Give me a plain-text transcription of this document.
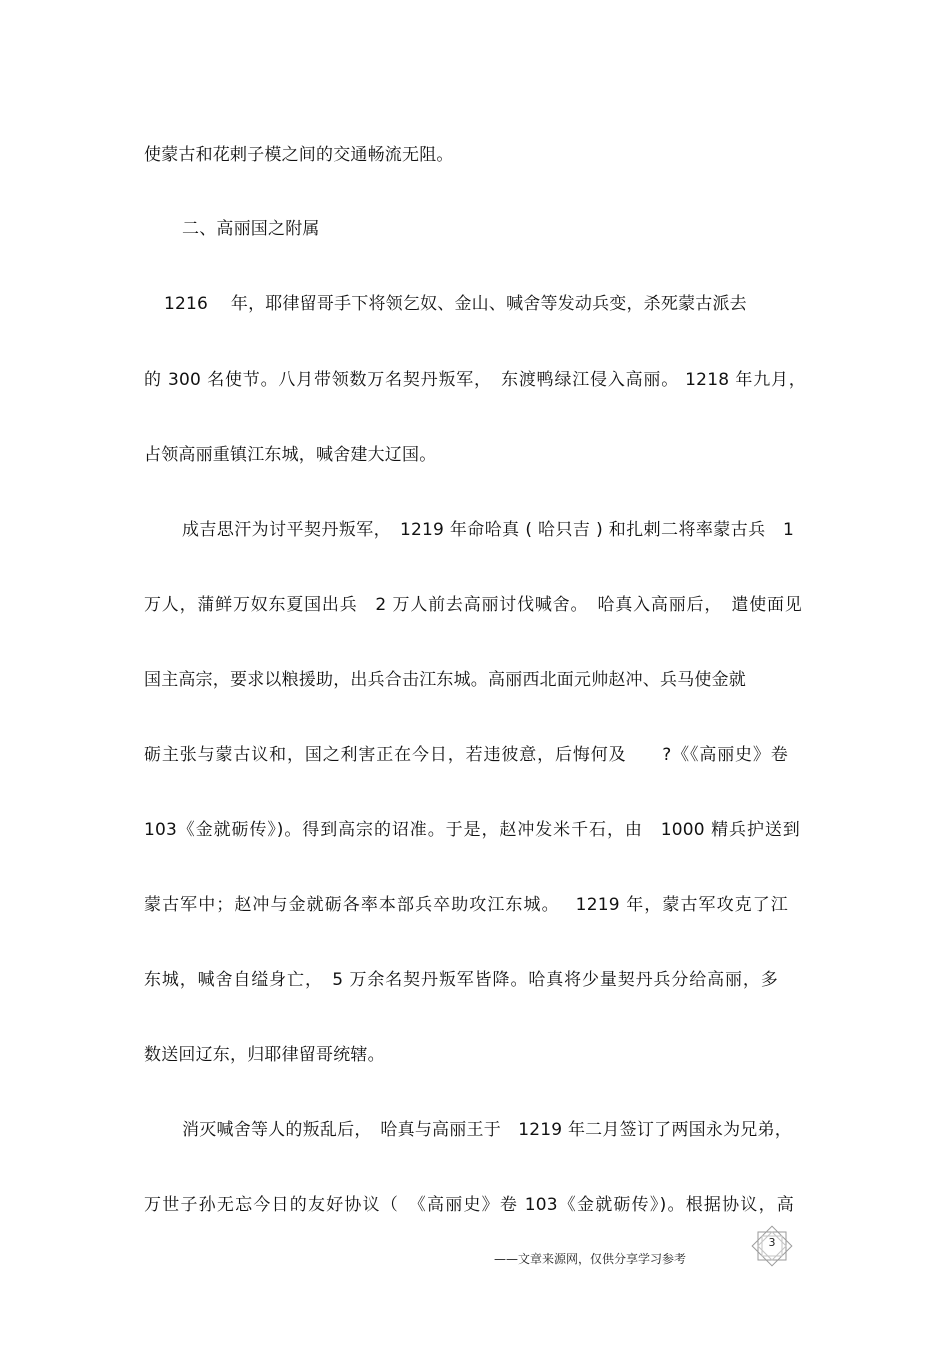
使蒙古和花剌子模之间的交通畅流无阻。
二、高丽国之附属
1216　 年，耶律留哥手下将领乞奴、金山、喊舍等发动兵变，杀死蒙古派去
的 300 名使节。八月带领数万名契丹叛军，　东渡鸭绿江侵入高丽。 1218 年九月，
占领高丽重镇江东城，喊舍建大辽国。
成吉思汗为讨平契丹叛军，　1219 年命哈真 ( 哈只吉 ) 和扎剌二将率蒙古兵　1
万人，蒲鲜万奴东夏国出兵　2 万人前去高丽讨伐喊舍。　哈真入高丽后，　遣使面见
国主高宗，要求以粮援助，出兵合击江东城。高丽西北面元帅赵冲、兵马使金就
砺主张与蒙古议和，国之利害正在今日，若违彼意，后悔何及　　?《《高丽史》卷
103《金就砺传》)。得到高宗的诏准。于是，赵冲发米千石，由　1000 精兵护送到
蒙古军中；赵冲与金就砺各率本部兵卒助攻江东城。　 1219 年，蒙古军攻克了江
东城，喊舍自缢身亡，　5 万余名契丹叛军皆降。哈真将少量契丹兵分给高丽，多
数送回辽东，归耶律留哥统辖。
消灭喊舍等人的叛乱后，　哈真与高丽王于　1219 年二月签订了两国永为兄弟，
万世子孙无忘今日的友好协议（　《高丽史》卷 103《金就砺传》)。根据协议，高
3
——文章来源网，仅供分享学习参考
